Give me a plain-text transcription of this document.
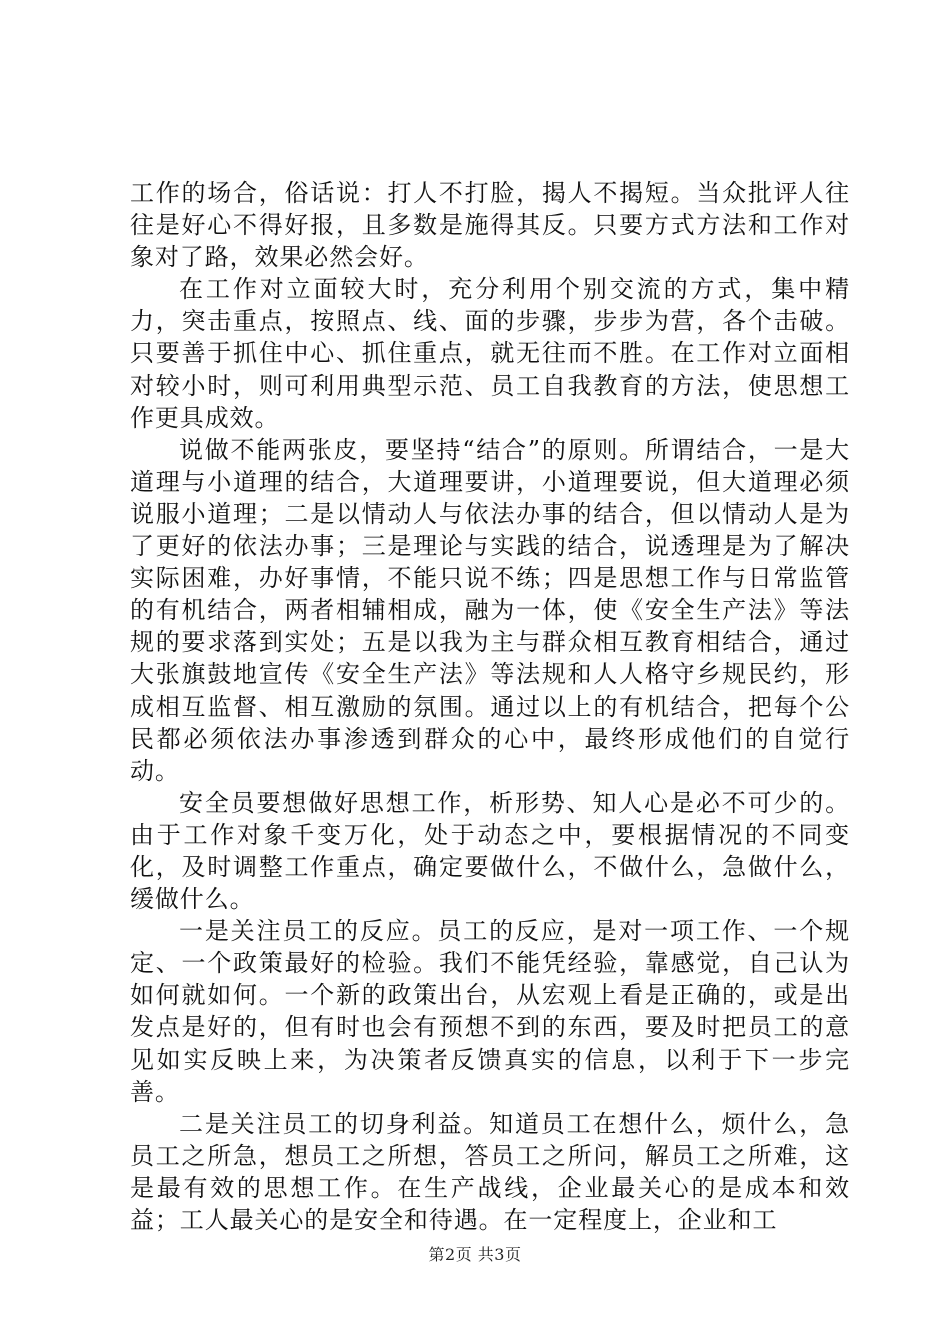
工作的场合，俗话说：打人不打脸，揭人不揭短。当众批评人往往是好心不得好报，且多数是施得其反。只要方式方法和工作对象对了路，效果必然会好。

在工作对立面较大时，充分利用个别交流的方式，集中精力，突击重点，按照点、线、面的步骤，步步为营，各个击破。只要善于抓住中心、抓住重点，就无往而不胜。在工作对立面相对较小时，则可利用典型示范、员工自我教育的方法，使思想工作更具成效。

说做不能两张皮，要坚持“结合”的原则。所谓结合，一是大道理与小道理的结合，大道理要讲，小道理要说，但大道理必须说服小道理；二是以情动人与依法办事的结合，但以情动人是为了更好的依法办事；三是理论与实践的结合，说透理是为了解决实际困难，办好事情，不能只说不练；四是思想工作与日常监管的有机结合，两者相辅相成，融为一体，使《安全生产法》等法规的要求落到实处；五是以我为主与群众相互教育相结合，通过大张旗鼓地宣传《安全生产法》等法规和人人格守乡规民约，形成相互监督、相互激励的氛围。通过以上的有机结合，把每个公民都必须依法办事渗透到群众的心中，最终形成他们的自觉行动。

安全员要想做好思想工作，析形势、知人心是必不可少的。由于工作对象千变万化，处于动态之中，要根据情况的不同变化，及时调整工作重点，确定要做什么，不做什么，急做什么，缓做什么。

一是关注员工的反应。员工的反应，是对一项工作、一个规定、一个政策最好的检验。我们不能凭经验，靠感觉，自己认为如何就如何。一个新的政策出台，从宏观上看是正确的，或是出发点是好的，但有时也会有预想不到的东西，要及时把员工的意见如实反映上来，为决策者反馈真实的信息，以利于下一步完善。

二是关注员工的切身利益。知道员工在想什么，烦什么，急员工之所急，想员工之所想，答员工之所问，解员工之所难，这是最有效的思想工作。在生产战线，企业最关心的是成本和效益；工人最关心的是安全和待遇。在一定程度上，企业和工

第2页 共3页
